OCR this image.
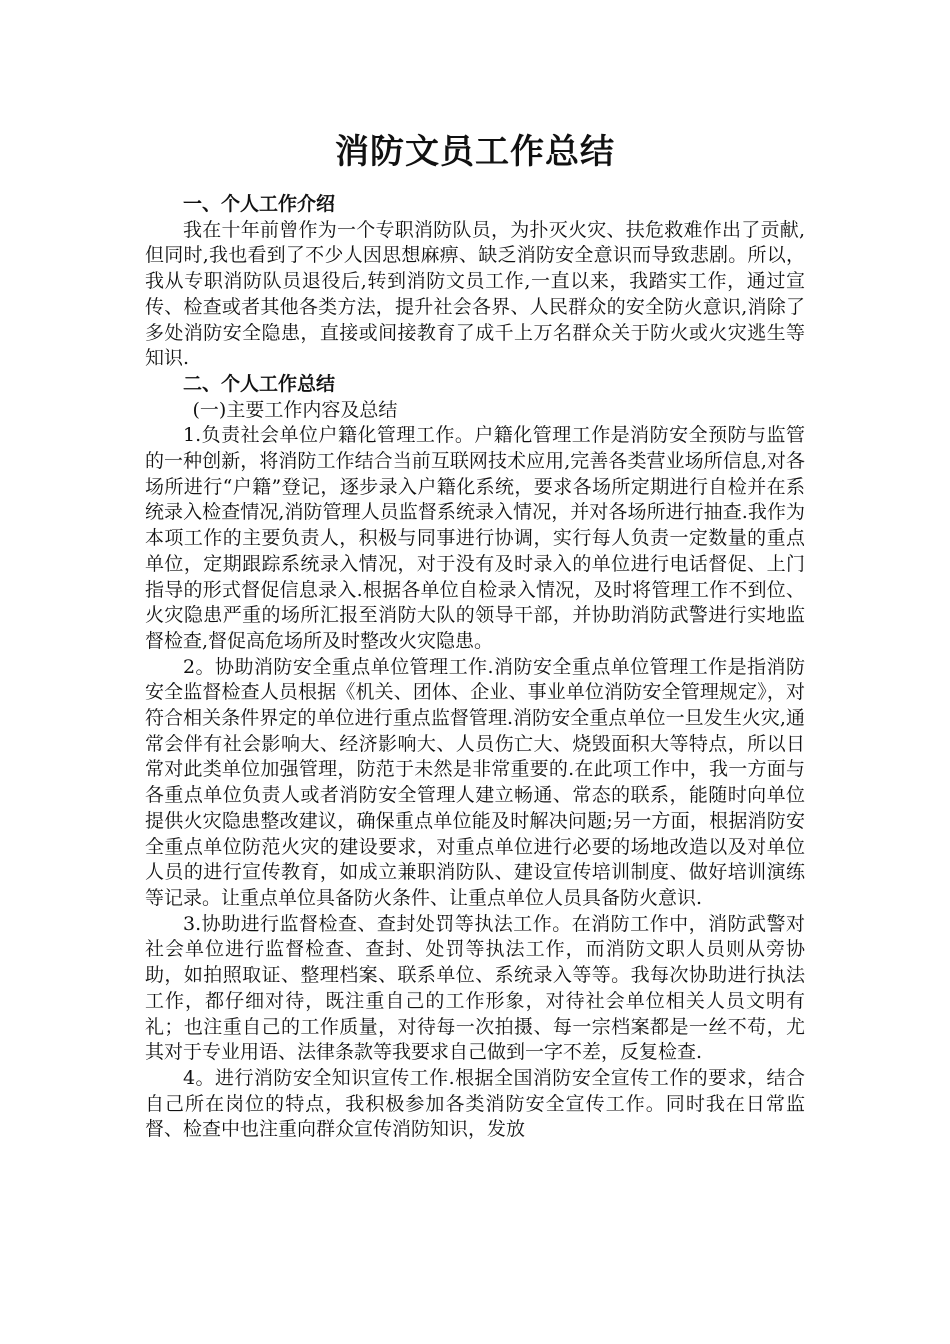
消防文员工作总结
一、个人工作介绍

我在十年前曾作为一个专职消防队员，为扑灭火灾、扶危救难作出了贡献,但同时,我也看到了不少人因思想麻痹、缺乏消防安全意识而导致悲剧。所以，我从专职消防队员退役后,转到消防文员工作,一直以来，我踏实工作，通过宣传、检查或者其他各类方法，提升社会各界、人民群众的安全防火意识,消除了多处消防安全隐患，直接或间接教育了成千上万名群众关于防火或火灾逃生等知识.

二、个人工作总结
(一)主要工作内容及总结

1.负责社会单位户籍化管理工作。户籍化管理工作是消防安全预防与监管的一种创新，将消防工作结合当前互联网技术应用,完善各类营业场所信息,对各场所进行“户籍”登记，逐步录入户籍化系统，要求各场所定期进行自检并在系统录入检查情况,消防管理人员监督系统录入情况，并对各场所进行抽查.我作为本项工作的主要负责人，积极与同事进行协调，实行每人负责一定数量的重点单位，定期跟踪系统录入情况，对于没有及时录入的单位进行电话督促、上门指导的形式督促信息录入.根据各单位自检录入情况，及时将管理工作不到位、火灾隐患严重的场所汇报至消防大队的领导干部，并协助消防武警进行实地监督检查,督促高危场所及时整改火灾隐患。

2。协助消防安全重点单位管理工作.消防安全重点单位管理工作是指消防安全监督检查人员根据《机关、团体、企业、事业单位消防安全管理规定》，对符合相关条件界定的单位进行重点监督管理.消防安全重点单位一旦发生火灾,通常会伴有社会影响大、经济影响大、人员伤亡大、烧毁面积大等特点，所以日常对此类单位加强管理，防范于未然是非常重要的.在此项工作中，我一方面与各重点单位负责人或者消防安全管理人建立畅通、常态的联系，能随时向单位提供火灾隐患整改建议，确保重点单位能及时解决问题;另一方面，根据消防安全重点单位防范火灾的建设要求，对重点单位进行必要的场地改造以及对单位人员的进行宣传教育，如成立兼职消防队、建设宣传培训制度、做好培训演练等记录。让重点单位具备防火条件、让重点单位人员具备防火意识.

3.协助进行监督检查、查封处罚等执法工作。在消防工作中，消防武警对社会单位进行监督检查、查封、处罚等执法工作，而消防文职人员则从旁协助，如拍照取证、整理档案、联系单位、系统录入等等。我每次协助进行执法工作，都仔细对待，既注重自己的工作形象，对待社会单位相关人员文明有礼；也注重自己的工作质量，对待每一次拍摄、每一宗档案都是一丝不苟，尤其对于专业用语、法律条款等我要求自己做到一字不差，反复检查.

4。进行消防安全知识宣传工作.根据全国消防安全宣传工作的要求，结合自己所在岗位的特点，我积极参加各类消防安全宣传工作。同时我在日常监督、检查中也注重向群众宣传消防知识，发放
